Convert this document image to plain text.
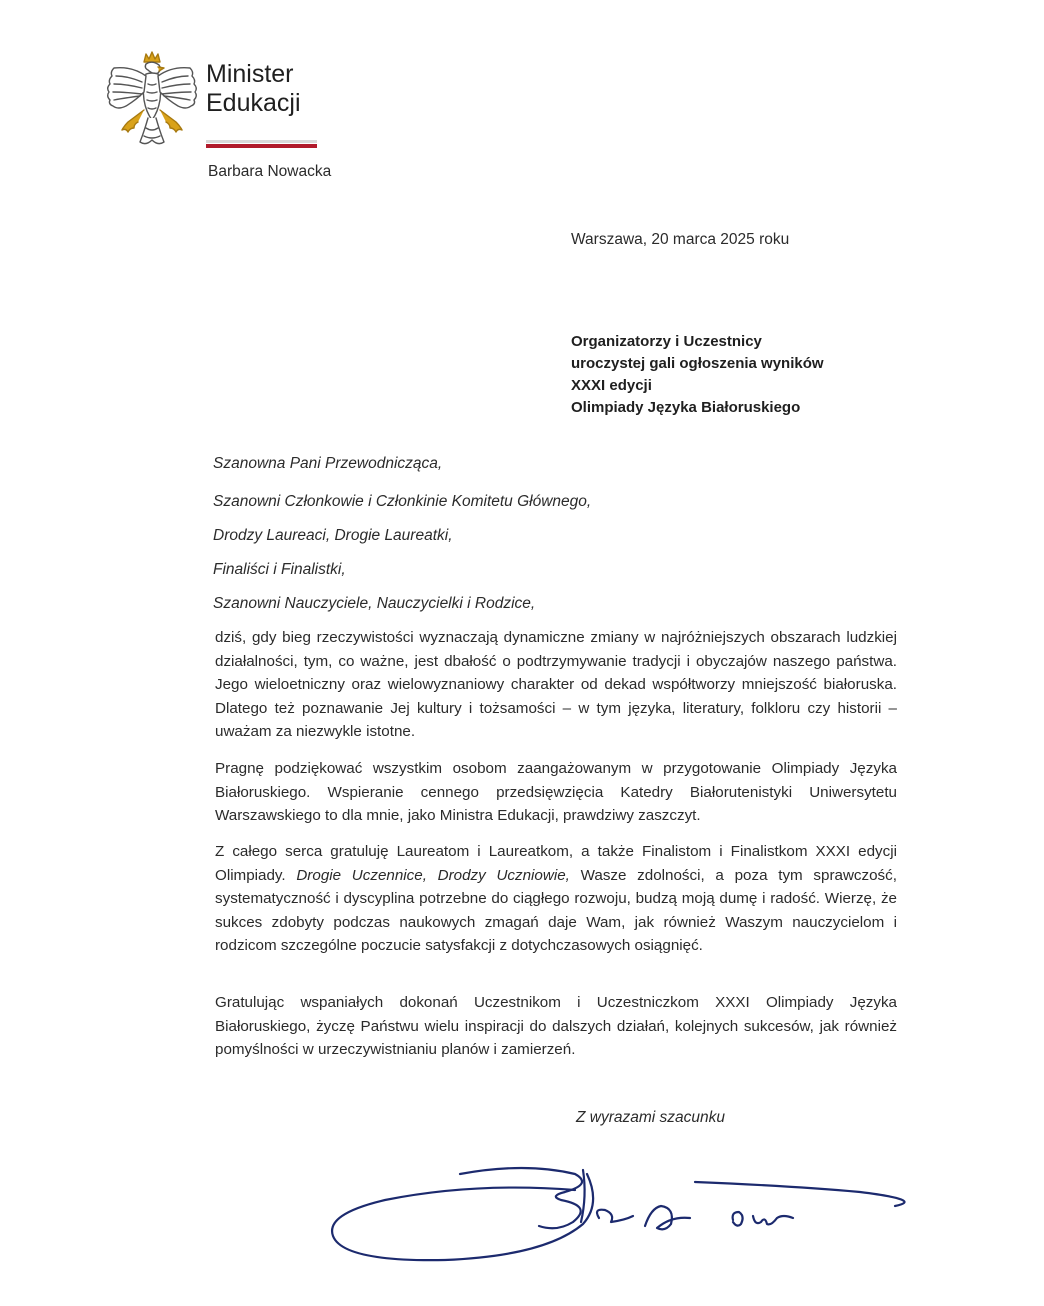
Minister
Edukacji
Barbara Nowacka
Warszawa, 20 marca 2025 roku
Organizatorzy i Uczestnicy
uroczystej gali ogłoszenia wyników
XXXI edycji
Olimpiady Języka Białoruskiego
Szanowna Pani Przewodnicząca,
Szanowni Członkowie i Członkinie Komitetu Głównego,
Drodzy Laureaci, Drogie Laureatki,
Finaliści i Finalistki,
Szanowni Nauczyciele, Nauczycielki i Rodzice,

dziś, gdy bieg rzeczywistości wyznaczają dynamiczne zmiany w najróżniejszych obszarach ludzkiej działalności, tym, co ważne, jest dbałość o podtrzymywanie tradycji i obyczajów naszego państwa. Jego wieloetniczny oraz wielowyznaniowy charakter od dekad współtworzy mniejszość białoruska. Dlatego też poznawanie Jej kultury i tożsamości – w tym języka, literatury, folkloru czy historii – uważam za niezwykle istotne.

Pragnę podziękować wszystkim osobom zaangażowanym w przygotowanie Olimpiady Języka Białoruskiego. Wspieranie cennego przedsięwzięcia Katedry Białorutenistyki Uniwersytetu Warszawskiego to dla mnie, jako Ministra Edukacji, prawdziwy zaszczyt.

Z całego serca gratuluję Laureatom i Laureatkom, a także Finalistom i Finalistkom XXXI edycji Olimpiady. Drogie Uczennice, Drodzy Uczniowie, Wasze zdolności, a poza tym sprawczość, systematyczność i dyscyplina potrzebne do ciągłego rozwoju, budzą moją dumę i radość. Wierzę, że sukces zdobyty podczas naukowych zmagań daje Wam, jak również Waszym nauczycielom i rodzicom szczególne poczucie satysfakcji z dotychczasowych osiągnięć.

Gratulując wspaniałych dokonań Uczestnikom i Uczestniczkom XXXI Olimpiady Języka Białoruskiego, życzę Państwu wielu inspiracji do dalszych działań, kolejnych sukcesów, jak również pomyślności w urzeczywistnianiu planów i zamierzeń.

Z wyrazami szacunku
